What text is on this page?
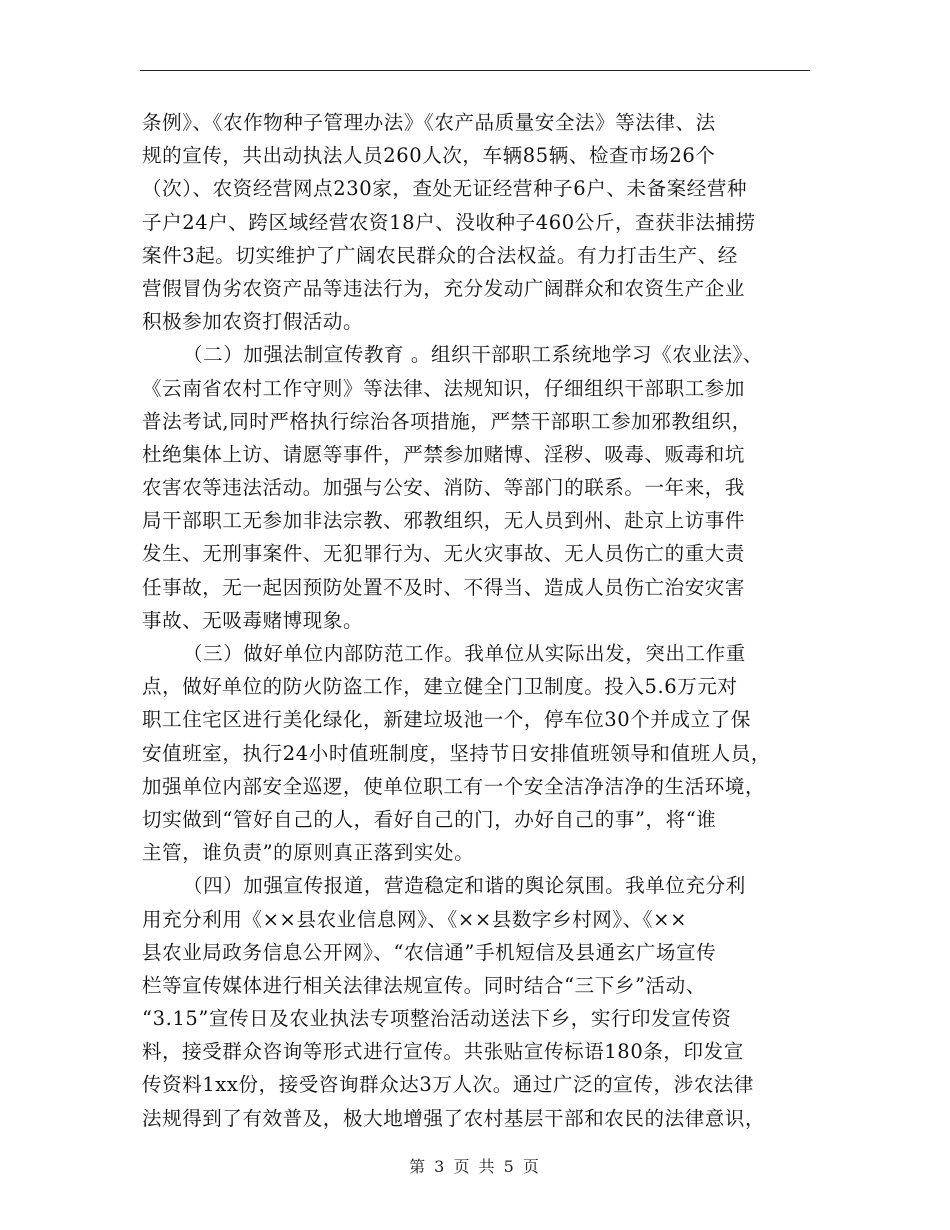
条例》、《农作物种子管理办法》《农产品质量安全法》等法律、法
规的宣传，共出动执法人员260人次，车辆85辆、检查市场26个
（次）、农资经营网点230家，查处无证经营种子6户、未备案经营种
子户24户、跨区域经营农资18户、没收种子460公斤，查获非法捕捞
案件3起。切实维护了广阔农民群众的合法权益。有力打击生产、经
营假冒伪劣农资产品等违法行为，充分发动广阔群众和农资生产企业
积极参加农资打假活动。
（二）加强法制宣传教育 。组织干部职工系统地学习《农业法》、
《云南省农村工作守则》等法律、法规知识，仔细组织干部职工参加
普法考试,同时严格执行综治各项措施，严禁干部职工参加邪教组织，
杜绝集体上访、请愿等事件，严禁参加赌博、淫秽、吸毒、贩毒和坑
农害农等违法活动。加强与公安、消防、等部门的联系。一年来，我
局干部职工无参加非法宗教、邪教组织，无人员到州、赴京上访事件
发生、无刑事案件、无犯罪行为、无火灾事故、无人员伤亡的重大责
任事故，无一起因预防处置不及时、不得当、造成人员伤亡治安灾害
事故、无吸毒赌博现象。
（三）做好单位内部防范工作。我单位从实际出发，突出工作重
点，做好单位的防火防盗工作，建立健全门卫制度。投入5.6万元对
职工住宅区进行美化绿化，新建垃圾池一个，停车位30个并成立了保
安值班室，执行24小时值班制度，坚持节日安排值班领导和值班人员，
加强单位内部安全巡逻，使单位职工有一个安全洁净洁净的生活环境，
切实做到“管好自己的人，看好自己的门，办好自己的事”，将“谁
主管，谁负责”的原则真正落到实处。
（四）加强宣传报道，营造稳定和谐的舆论氛围。我单位充分利
用充分利用《××县农业信息网》、《××县数字乡村网》、《××
县农业局政务信息公开网》、“农信通”手机短信及县通玄广场宣传
栏等宣传媒体进行相关法律法规宣传。同时结合“三下乡”活动、
“3.15”宣传日及农业执法专项整治活动送法下乡，实行印发宣传资
料，接受群众咨询等形式进行宣传。共张贴宣传标语180条，印发宣
传资料1xx份，接受咨询群众达3万人次。通过广泛的宣传，涉农法律
法规得到了有效普及，极大地增强了农村基层干部和农民的法律意识，
第 3 页 共 5 页
